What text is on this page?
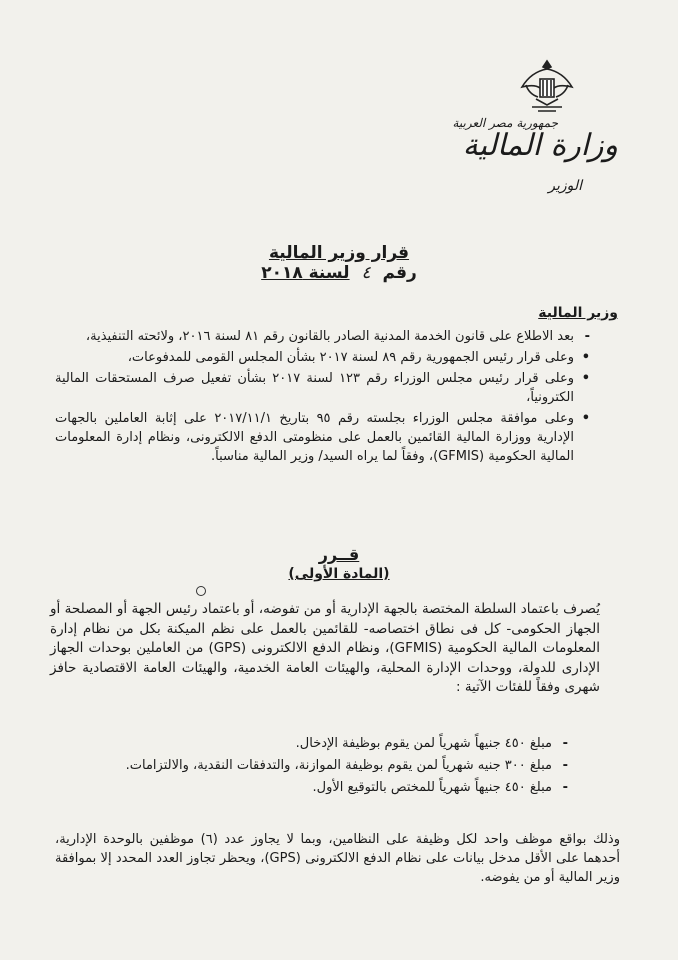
جمهورية مصر العربية
وزارة المالية
الوزير
قرار وزير المالية
رقم ٤ لسنة ٢٠١٨
وزير المالية
- بعد الاطلاع على قانون الخدمة المدنية الصادر بالقانون رقم ٨١ لسنة ٢٠١٦، ولائحته التنفيذية،
• وعلى قرار رئيس الجمهورية رقم ٨٩ لسنة ٢٠١٧ بشأن المجلس القومى للمدفوعات،
• وعلى قرار رئيس مجلس الوزراء رقم ١٢٣ لسنة ٢٠١٧ بشأن تفعيل صرف المستحقات المالية الكترونياً،
• وعلى موافقة مجلس الوزراء بجلسته رقم ٩٥ بتاريخ ٢٠١٧/١١/١ على إثابة العاملين بالجهات الإدارية ووزارة المالية القائمين بالعمل على منظومتى الدفع الالكترونى، ونظام إدارة المعلومات المالية الحكومية (GFMIS)، وفقاً لما يراه السيد/ وزير المالية مناسباً.
قــرر
(المادة الأولى)
يُصرف باعتماد السلطة المختصة بالجهة الإدارية أو من تفوضه، أو باعتماد رئيس الجهة أو المصلحة أو الجهاز الحكومى- كل فى نطاق اختصاصه- للقائمين بالعمل على نظم الميكنة بكل من نظام إدارة المعلومات المالية الحكومية (GFMIS)، ونظام الدفع الالكترونى (GPS) من العاملين بوحدات الجهاز الإدارى للدولة، ووحدات الإدارة المحلية، والهيئات العامة الخدمية، والهيئات العامة الاقتصادية حافز شهرى وفقاً للفئات الآتية :
- مبلغ ٤٥٠ جنيهاً شهرياً لمن يقوم بوظيفة الإدخال.
- مبلغ ٣٠٠ جنيه شهرياً لمن يقوم بوظيفة الموازنة، والتدفقات النقدية، والالتزامات.
- مبلغ ٤٥٠ جنيهاً شهرياً للمختص بالتوقيع الأول.
وذلك بواقع موظف واحد لكل وظيفة على النظامين، وبما لا يجاوز عدد (٦) موظفين بالوحدة الإدارية، أحدهما على الأقل مدخل بيانات على نظام الدفع الالكترونى (GPS)، ويحظر تجاوز العدد المحدد إلا بموافقة وزير المالية أو من يفوضه.
